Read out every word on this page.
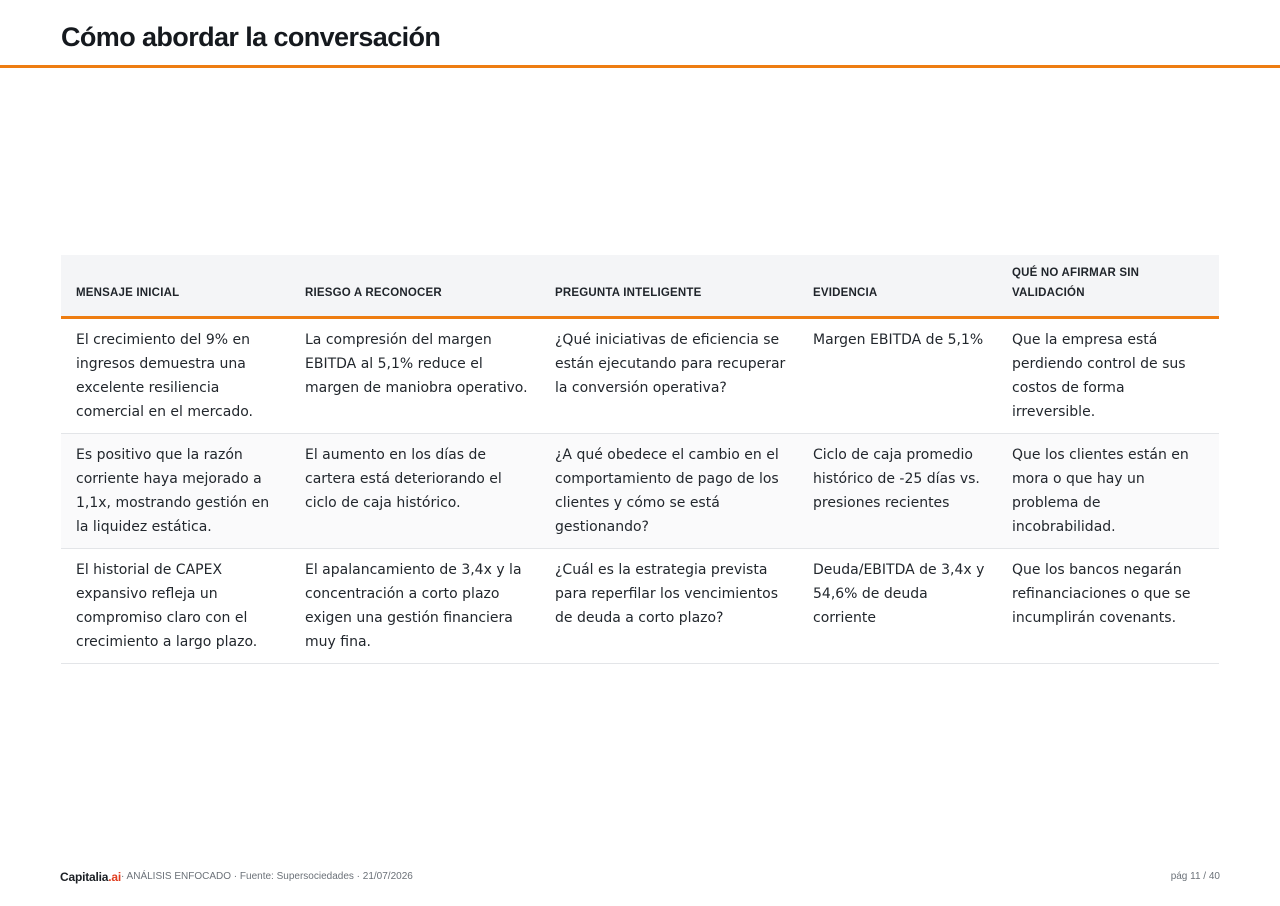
Cómo abordar la conversación
MENSAJE INICIAL	RIESGO A RECONOCER	PREGUNTA INTELIGENTE	EVIDENCIA	QUÉ NO AFIRMAR SIN VALIDACIÓN
El crecimiento del 9% en ingresos demuestra una excelente resiliencia comercial en el mercado.	La compresión del margen EBITDA al 5,1% reduce el margen de maniobra operativo.	¿Qué iniciativas de eficiencia se están ejecutando para recuperar la conversión operativa?	Margen EBITDA de 5,1%	Que la empresa está perdiendo control de sus costos de forma irreversible.
Es positivo que la razón corriente haya mejorado a 1,1x, mostrando gestión en la liquidez estática.	El aumento en los días de cartera está deteriorando el ciclo de caja histórico.	¿A qué obedece el cambio en el comportamiento de pago de los clientes y cómo se está gestionando?	Ciclo de caja promedio histórico de -25 días vs. presiones recientes	Que los clientes están en mora o que hay un problema de incobrabilidad.
El historial de CAPEX expansivo refleja un compromiso claro con el crecimiento a largo plazo.	El apalancamiento de 3,4x y la concentración a corto plazo exigen una gestión financiera muy fina.	¿Cuál es la estrategia prevista para reperfilar los vencimientos de deuda a corto plazo?	Deuda/EBITDA de 3,4x y 54,6% de deuda corriente	Que los bancos negarán refinanciaciones o que se incumplirán covenants.
Capitalia.ai · ANÁLISIS ENFOCADO · Fuente: Supersociedades · 21/07/2026	pág 11 / 40
